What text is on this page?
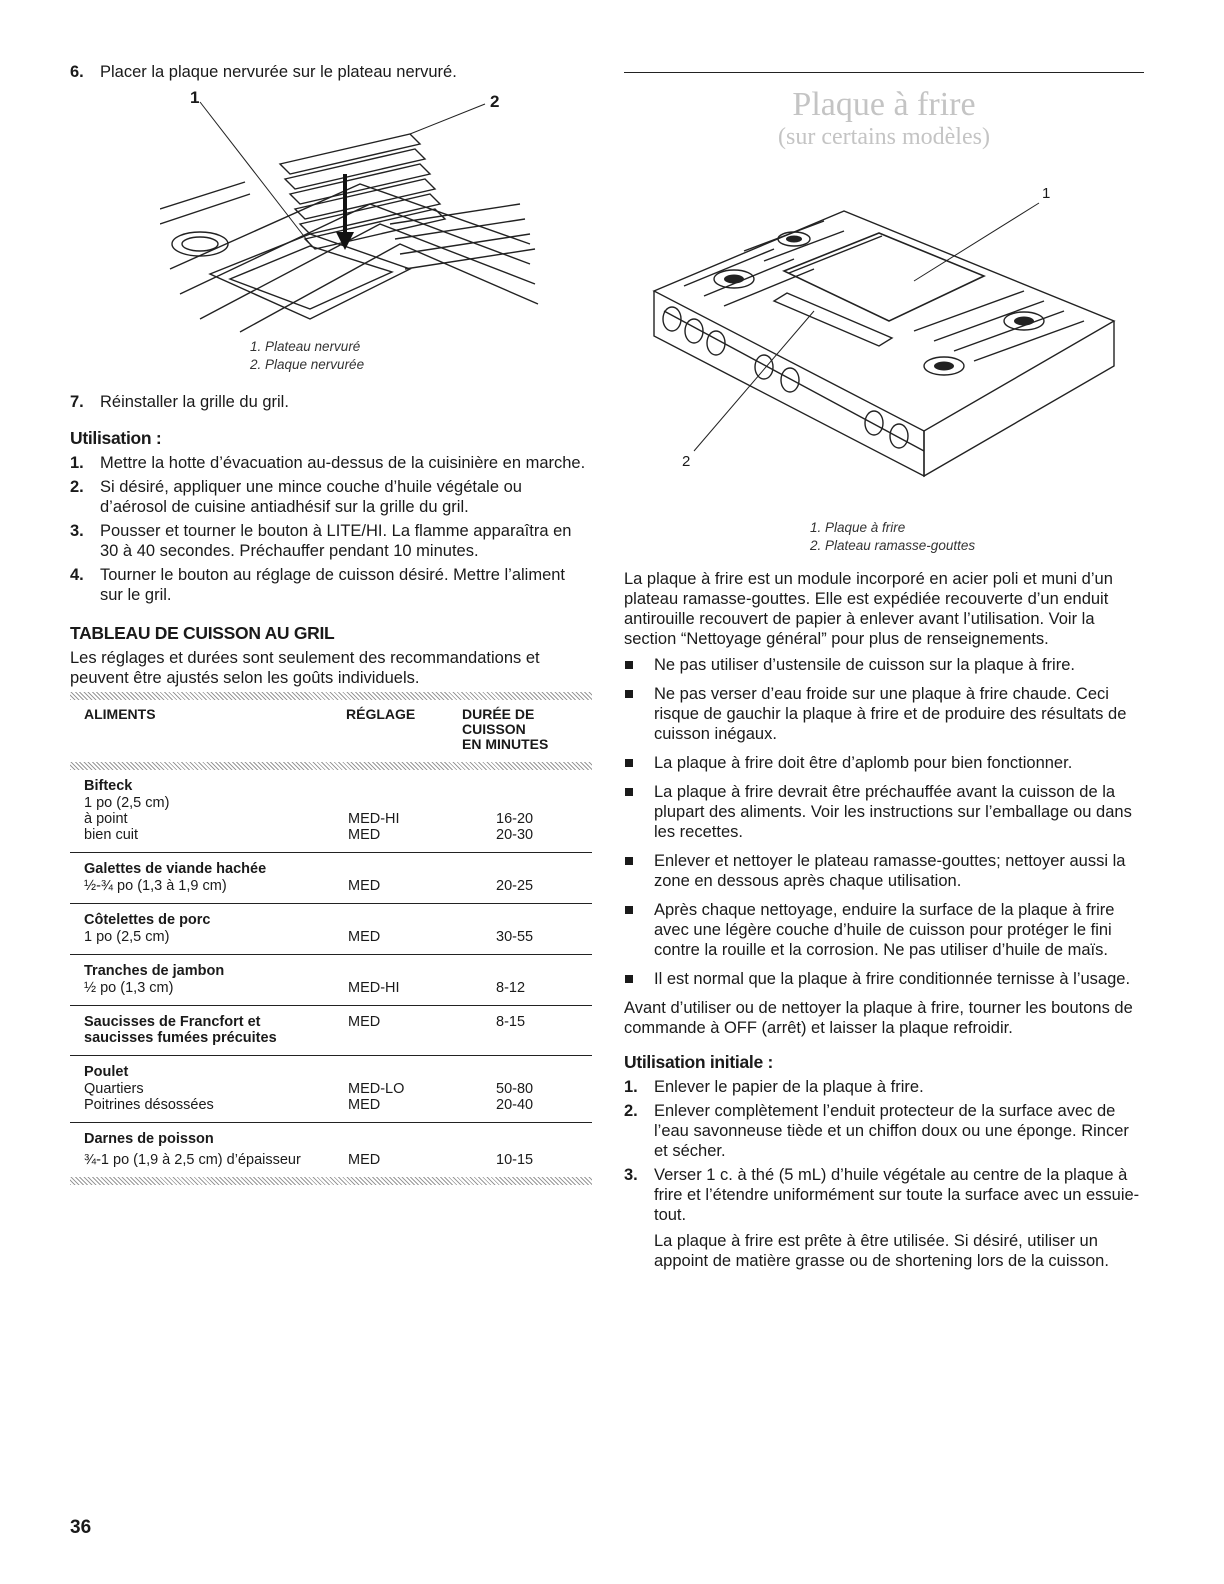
6. Placer la plaque nervurée sur le plateau nervuré.
1	2
1. Plateau nervuré
2. Plaque nervurée
7. Réinstaller la grille du gril.
Utilisation :
1. Mettre la hotte d’évacuation au-dessus de la cuisinière en marche.
2. Si désiré, appliquer une mince couche d’huile végétale ou d’aérosol de cuisine antiadhésif sur la grille du gril.
3. Pousser et tourner le bouton à LITE/HI. La flamme apparaîtra en 30 à 40 secondes. Préchauffer pendant 10 minutes.
4. Tourner le bouton au réglage de cuisson désiré. Mettre l’aliment sur le gril.
TABLEAU DE CUISSON AU GRIL

Les réglages et durées sont seulement des recommandations et peuvent être ajustés selon les goûts individuels.

ALIMENTS	RÉGLAGE	DURÉE DE
CUISSON
EN MINUTES
Bifteck
1 po (2,5 cm)
à point	MED-HI	16-20
bien cuit	MED	20-30
Galettes de viande hachée
½-¾ po (1,3 à 1,9 cm)	MED	20-25
Côtelettes de porc
1 po (2,5 cm)	MED	30-55
Tranches de jambon
½ po (1,3 cm)	MED-HI	8-12
Saucisses de Francfort et	MED	8-15
saucisses fumées précuites
Poulet
Quartiers	MED-LO	50-80
Poitrines désossées	MED	20-40
Darnes de poisson
¾-1 po (1,9 à 2,5 cm) d’épaisseur	MED	10-15
Plaque à frire
(sur certains modèles)
1
2
1. Plaque à frire
2. Plateau ramasse-gouttes

La plaque à frire est un module incorporé en acier poli et muni d’un plateau ramasse-gouttes. Elle est expédiée recouverte d’un enduit antirouille recouvert de papier à enlever avant l’utilisation. Voir la section “Nettoyage général” pour plus de renseignements.

Ne pas utiliser d’ustensile de cuisson sur la plaque à frire.
Ne pas verser d’eau froide sur une plaque à frire chaude. Ceci risque de gauchir la plaque à frire et de produire des résultats de cuisson inégaux.
La plaque à frire doit être d’aplomb pour bien fonctionner.
La plaque à frire devrait être préchauffée avant la cuisson de la plupart des aliments. Voir les instructions sur l’emballage ou dans les recettes.
Enlever et nettoyer le plateau ramasse-gouttes; nettoyer aussi la zone en dessous après chaque utilisation.
Après chaque nettoyage, enduire la surface de la plaque à frire avec une légère couche d’huile de cuisson pour protéger le fini contre la rouille et la corrosion. Ne pas utiliser d’huile de maïs.
Il est normal que la plaque à frire conditionnée ternisse à l’usage.

Avant d’utiliser ou de nettoyer la plaque à frire, tourner les boutons de commande à OFF (arrêt) et laisser la plaque refroidir.

Utilisation initiale :
1. Enlever le papier de la plaque à frire.
2. Enlever complètement l’enduit protecteur de la surface avec de l’eau savonneuse tiède et un chiffon doux ou une éponge. Rincer et sécher.
3. Verser 1 c. à thé (5 mL) d’huile végétale au centre de la plaque à frire et l’étendre uniformément sur toute la surface avec un essuie-tout.

La plaque à frire est prête à être utilisée. Si désiré, utiliser un appoint de matière grasse ou de shortening lors de la cuisson.

36
